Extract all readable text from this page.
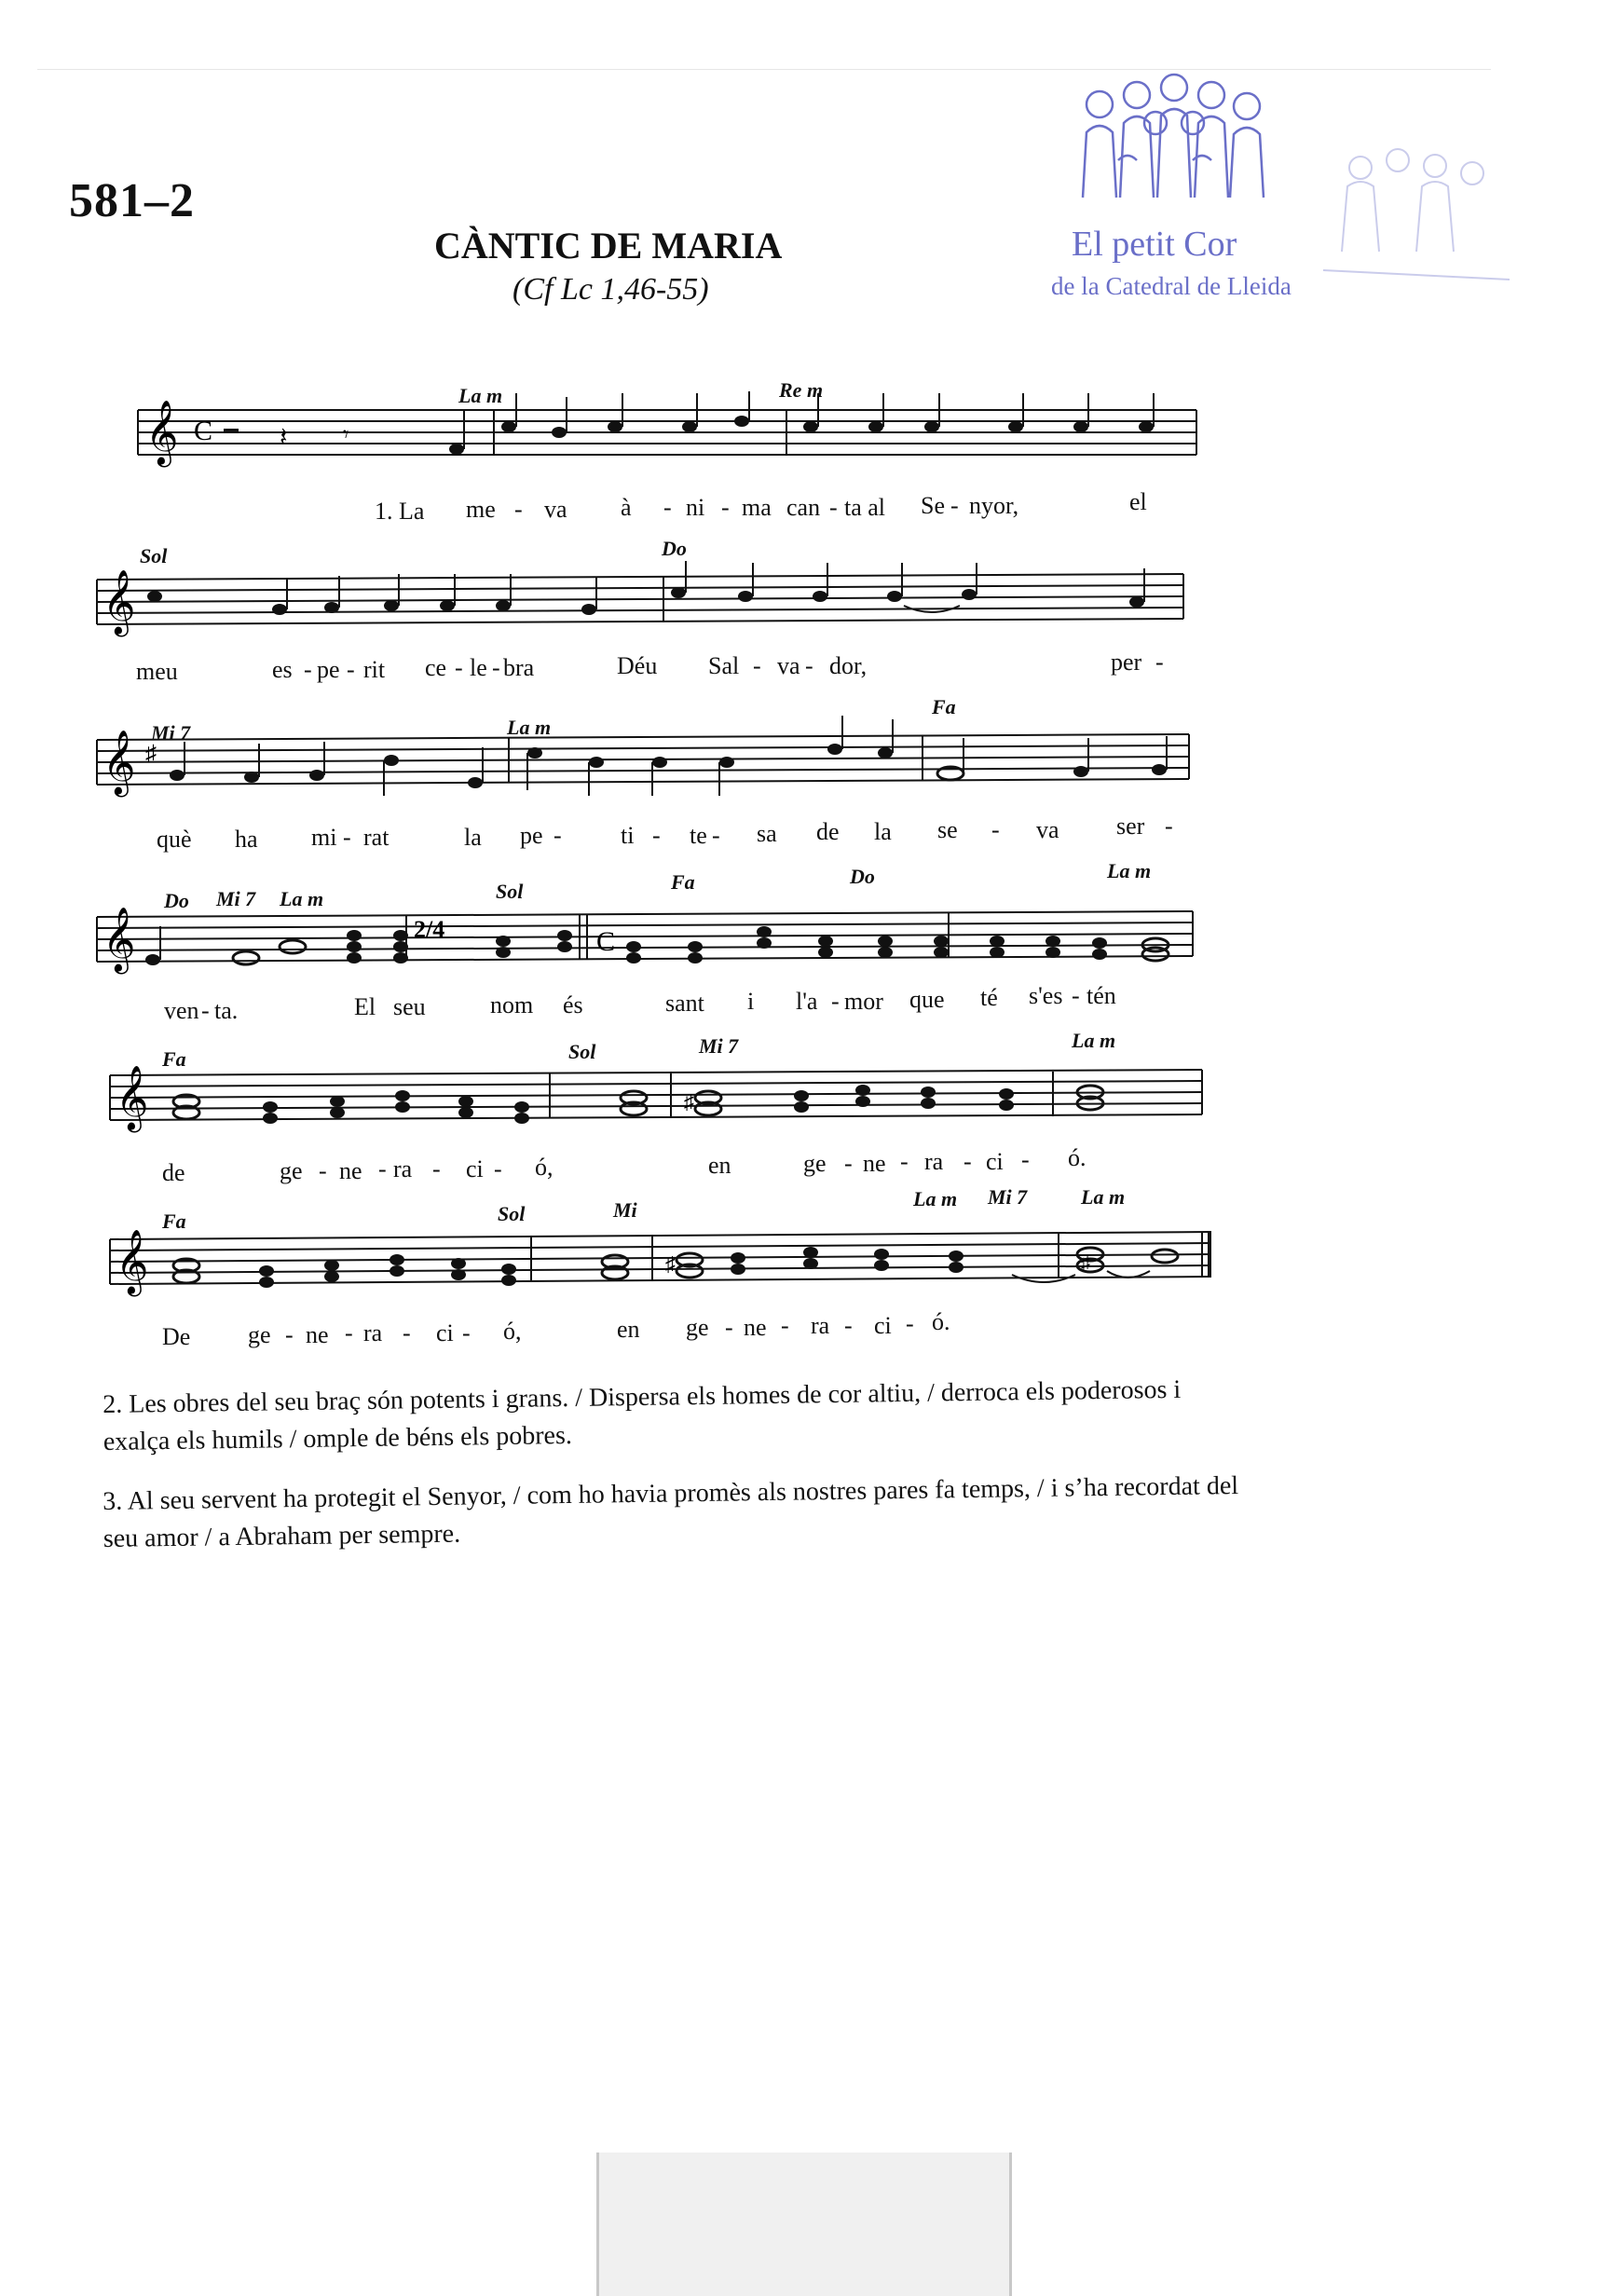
581–2
CÀNTIC DE MARIA
(Cf Lc 1,46-55)
El petit Cor
de la Catedral de Lleida
𝄞 C	𝄽 𝄾
La m	Re m
1. La me - va à - ni - ma can - ta al Se - nyor,	el
𝄞
Sol	Do
meu	es - pe - rit ce - le - bra	Déu Sal - va - dor,	per -
𝄞 ♯
Mi 7	La m
Fa
què ha mi - rat	la pe - ti - te - sa de la se - va ser -
𝄞	2/4	C
Do Mi 7 La m	Sol	Fa	Do	La m
ven - ta.	El seu	nom és	sant i l'a - mor que té s'es - tén
𝄞	♯
Fa	Sol	Mi 7	La m
de	ge - ne - ra - ci - ó,	en	ge - ne - ra - ci - ó.
𝄞	♯	♯
Fa	Sol	Mi	La m Mi 7	La m
De ge - ne - ra - ci - ó,	en ge - ne - ra - ci - ó.
2. Les obres del seu braç són potents i grans. / Dispersa els homes de cor altiu, / derroca els poderosos i exalça els humils / omple de béns els pobres.
3. Al seu servent ha protegit el Senyor, / com ho havia promès als nostres pares fa temps, / i s’ha recordat del seu amor / a Abraham per sempre.
